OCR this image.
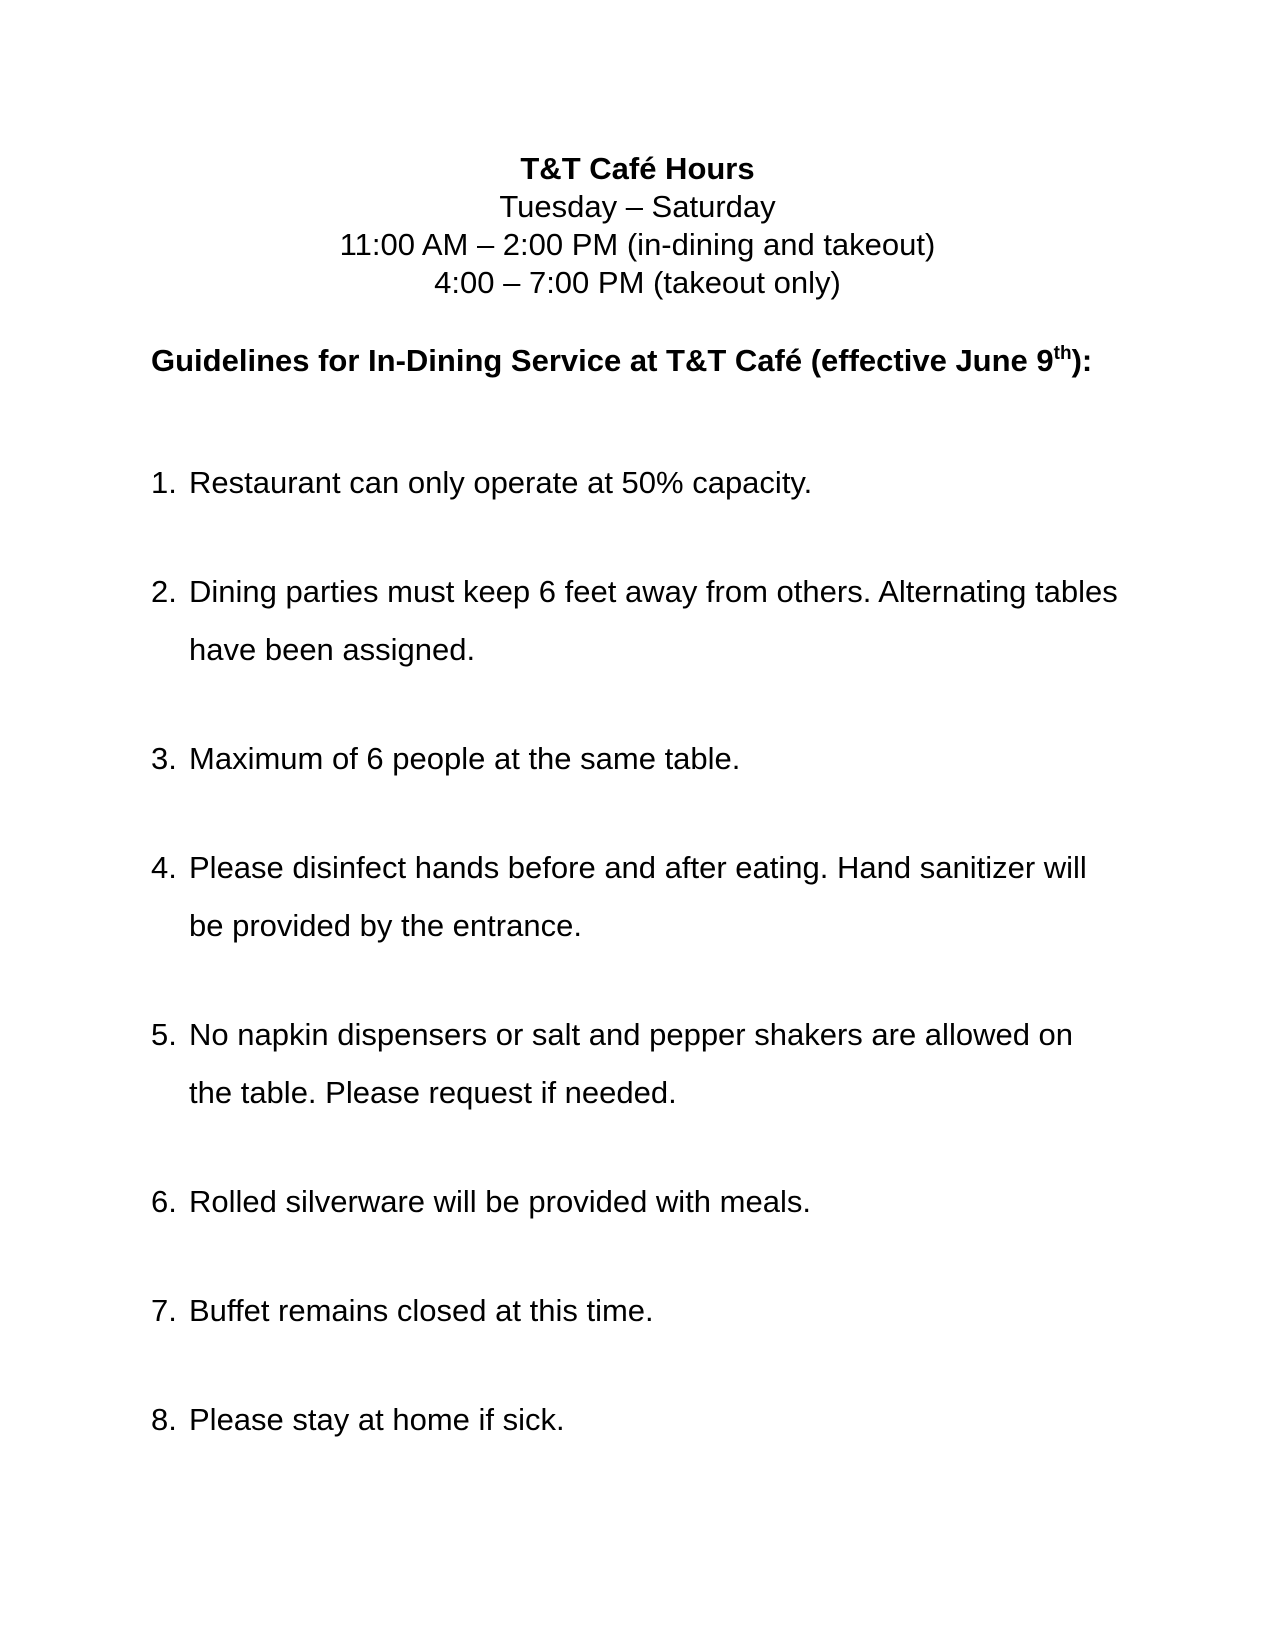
T&T Café Hours
Tuesday – Saturday
11:00 AM – 2:00 PM (in-dining and takeout)
4:00 – 7:00 PM (takeout only)
Guidelines for In-Dining Service at T&T Café (effective June 9th):
1. Restaurant can only operate at 50% capacity.
2. Dining parties must keep 6 feet away from others. Alternating tables have been assigned.
3. Maximum of 6 people at the same table.
4. Please disinfect hands before and after eating. Hand sanitizer will be provided by the entrance.
5. No napkin dispensers or salt and pepper shakers are allowed on the table. Please request if needed.
6. Rolled silverware will be provided with meals.
7. Buffet remains closed at this time.
8. Please stay at home if sick.
